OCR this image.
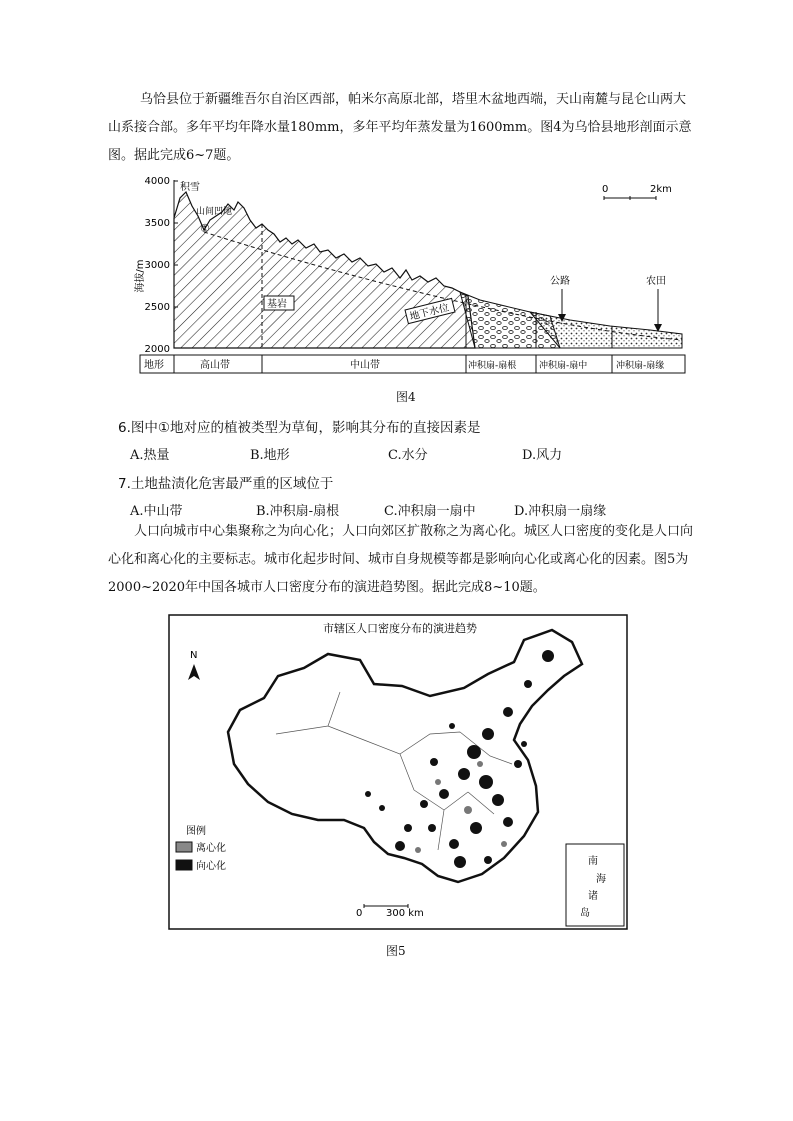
乌恰县位于新疆维吾尔自治区西部，帕米尔高原北部，塔里木盆地西端，天山南麓与昆仑山两大山系接合部。多年平均年降水量180mm，多年平均年蒸发量为1600mm。图4为乌恰县地形剖面示意图。据此完成6~7题。

海拔/m
4000
3500
3000
2500
2000
积雪
山间凹地
①
基岩	地下水位
公路	农田
0	2km
地形	高山带	中山带	冲积扇-扇根	冲积扇-扇中	冲积扇-扇缘

图4

6.图中①地对应的植被类型为草甸，影响其分布的直接因素是

A.热量	B.地形	C.水分	D.风力

7.土地盐渍化危害最严重的区域位于

A.中山带	B.冲积扇-扇根	C.冲积扇一扇中	D.冲积扇一扇缘

人口向城市中心集聚称之为向心化；人口向郊区扩散称之为离心化。城区人口密度的变化是人口向心化和离心化的主要标志。城市化起步时间、城市自身规模等都是影响向心化或离心化的因素。图5为2000~2020年中国各城市人口密度分布的演进趋势图。据此完成8~10题。

市辖区人口密度分布的演进趋势
N
图例
离心化
向心化
0 300 km
南
海
诸
岛

图5
